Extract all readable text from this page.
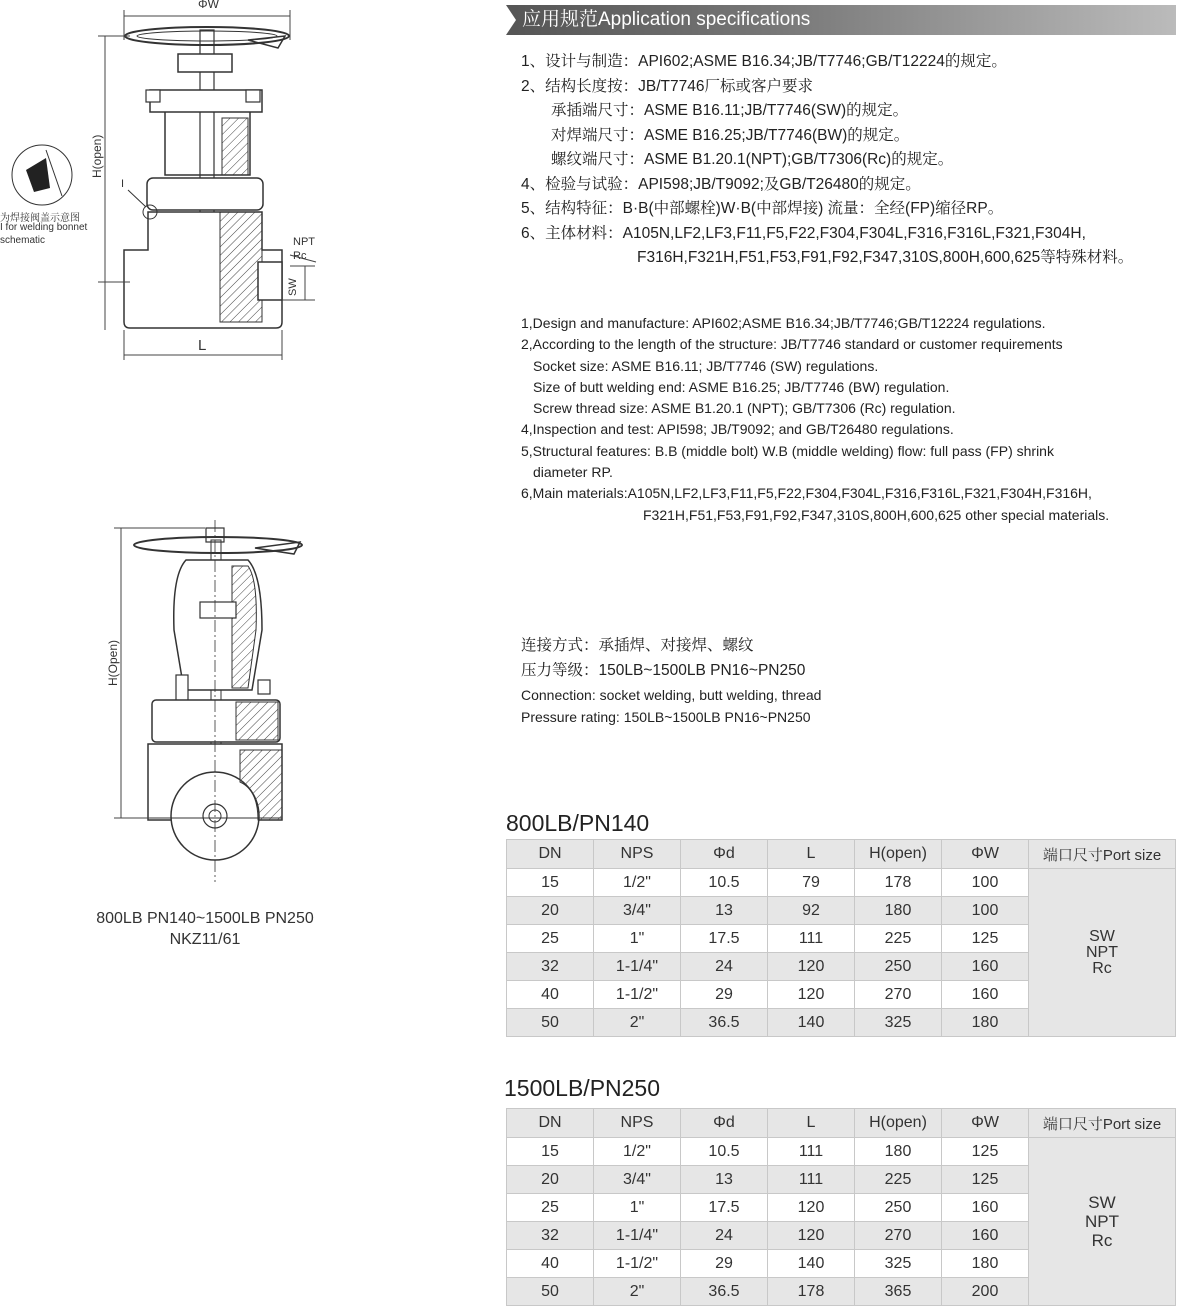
ΦW
H(open)
L
I
NPT
Rc
SW
为焊接阀盖示意图
I for welding bonnet
schematic
H(Open)
800LB PN140~1500LB PN250
NKZ11/61
应用规范Application specifications
1、设计与制造：API602;ASME B16.34;JB/T7746;GB/T12224的规定。
2、结构长度按：JB/T7746厂标或客户要求
承插端尺寸：ASME B16.11;JB/T7746(SW)的规定。
对焊端尺寸：ASME B16.25;JB/T7746(BW)的规定。
螺纹端尺寸：ASME B1.20.1(NPT);GB/T7306(Rc)的规定。
4、检验与试验：API598;JB/T9092;及GB/T26480的规定。
5、结构特征：B·B(中部螺栓)W·B(中部焊接) 流量：全经(FP)缩径RP。
6、主体材料：A105N,LF2,LF3,F11,F5,F22,F304,F304L,F316,F316L,F321,F304H,
F316H,F321H,F51,F53,F91,F92,F347,310S,800H,600,625等特殊材料。
1,Design and manufacture: API602;ASME B16.34;JB/T7746;GB/T12224 regulations.
2,According to the length of the structure: JB/T7746 standard or customer requirements
Socket size: ASME B16.11; JB/T7746 (SW) regulations.
Size of butt welding end: ASME B16.25; JB/T7746 (BW) regulation.
Screw thread size: ASME B1.20.1 (NPT); GB/T7306 (Rc) regulation.
4,Inspection and test: API598; JB/T9092; and GB/T26480 regulations.
5,Structural features: B.B (middle bolt) W.B (middle welding) flow: full pass (FP) shrink
diameter RP.
6,Main materials:A105N,LF2,LF3,F11,F5,F22,F304,F304L,F316,F316L,F321,F304H,F316H,
F321H,F51,F53,F91,F92,F347,310S,800H,600,625 other special materials.
连接方式：承插焊、对接焊、螺纹
压力等级：150LB~1500LB PN16~PN250
Connection: socket welding, butt welding, thread
Pressure rating: 150LB~1500LB PN16~PN250
800LB/PN140
DN	NPS	Φd	L	H(open)	ΦW	端口尺寸Port size
15	1/2"	10.5	79	178	100	SW
NPT
Rc

20	3/4"	13	92	180	100	
25	1"	17.5	111	225	125	
32	1-1/4"	24	120	250	160	
40	1-1/2"	29	120	270	160	
50	2"	36.5	140	325	180	
1500LB/PN250
DN	NPS	Φd	L	H(open)	ΦW	端口尺寸Port size
15	1/2"	10.5	111	180	125	SW
NPT
Rc

20	3/4"	13	111	225	125	
25	1"	17.5	120	250	160	
32	1-1/4"	24	120	270	160	
40	1-1/2"	29	140	325	180	
50	2"	36.5	178	365	200	
